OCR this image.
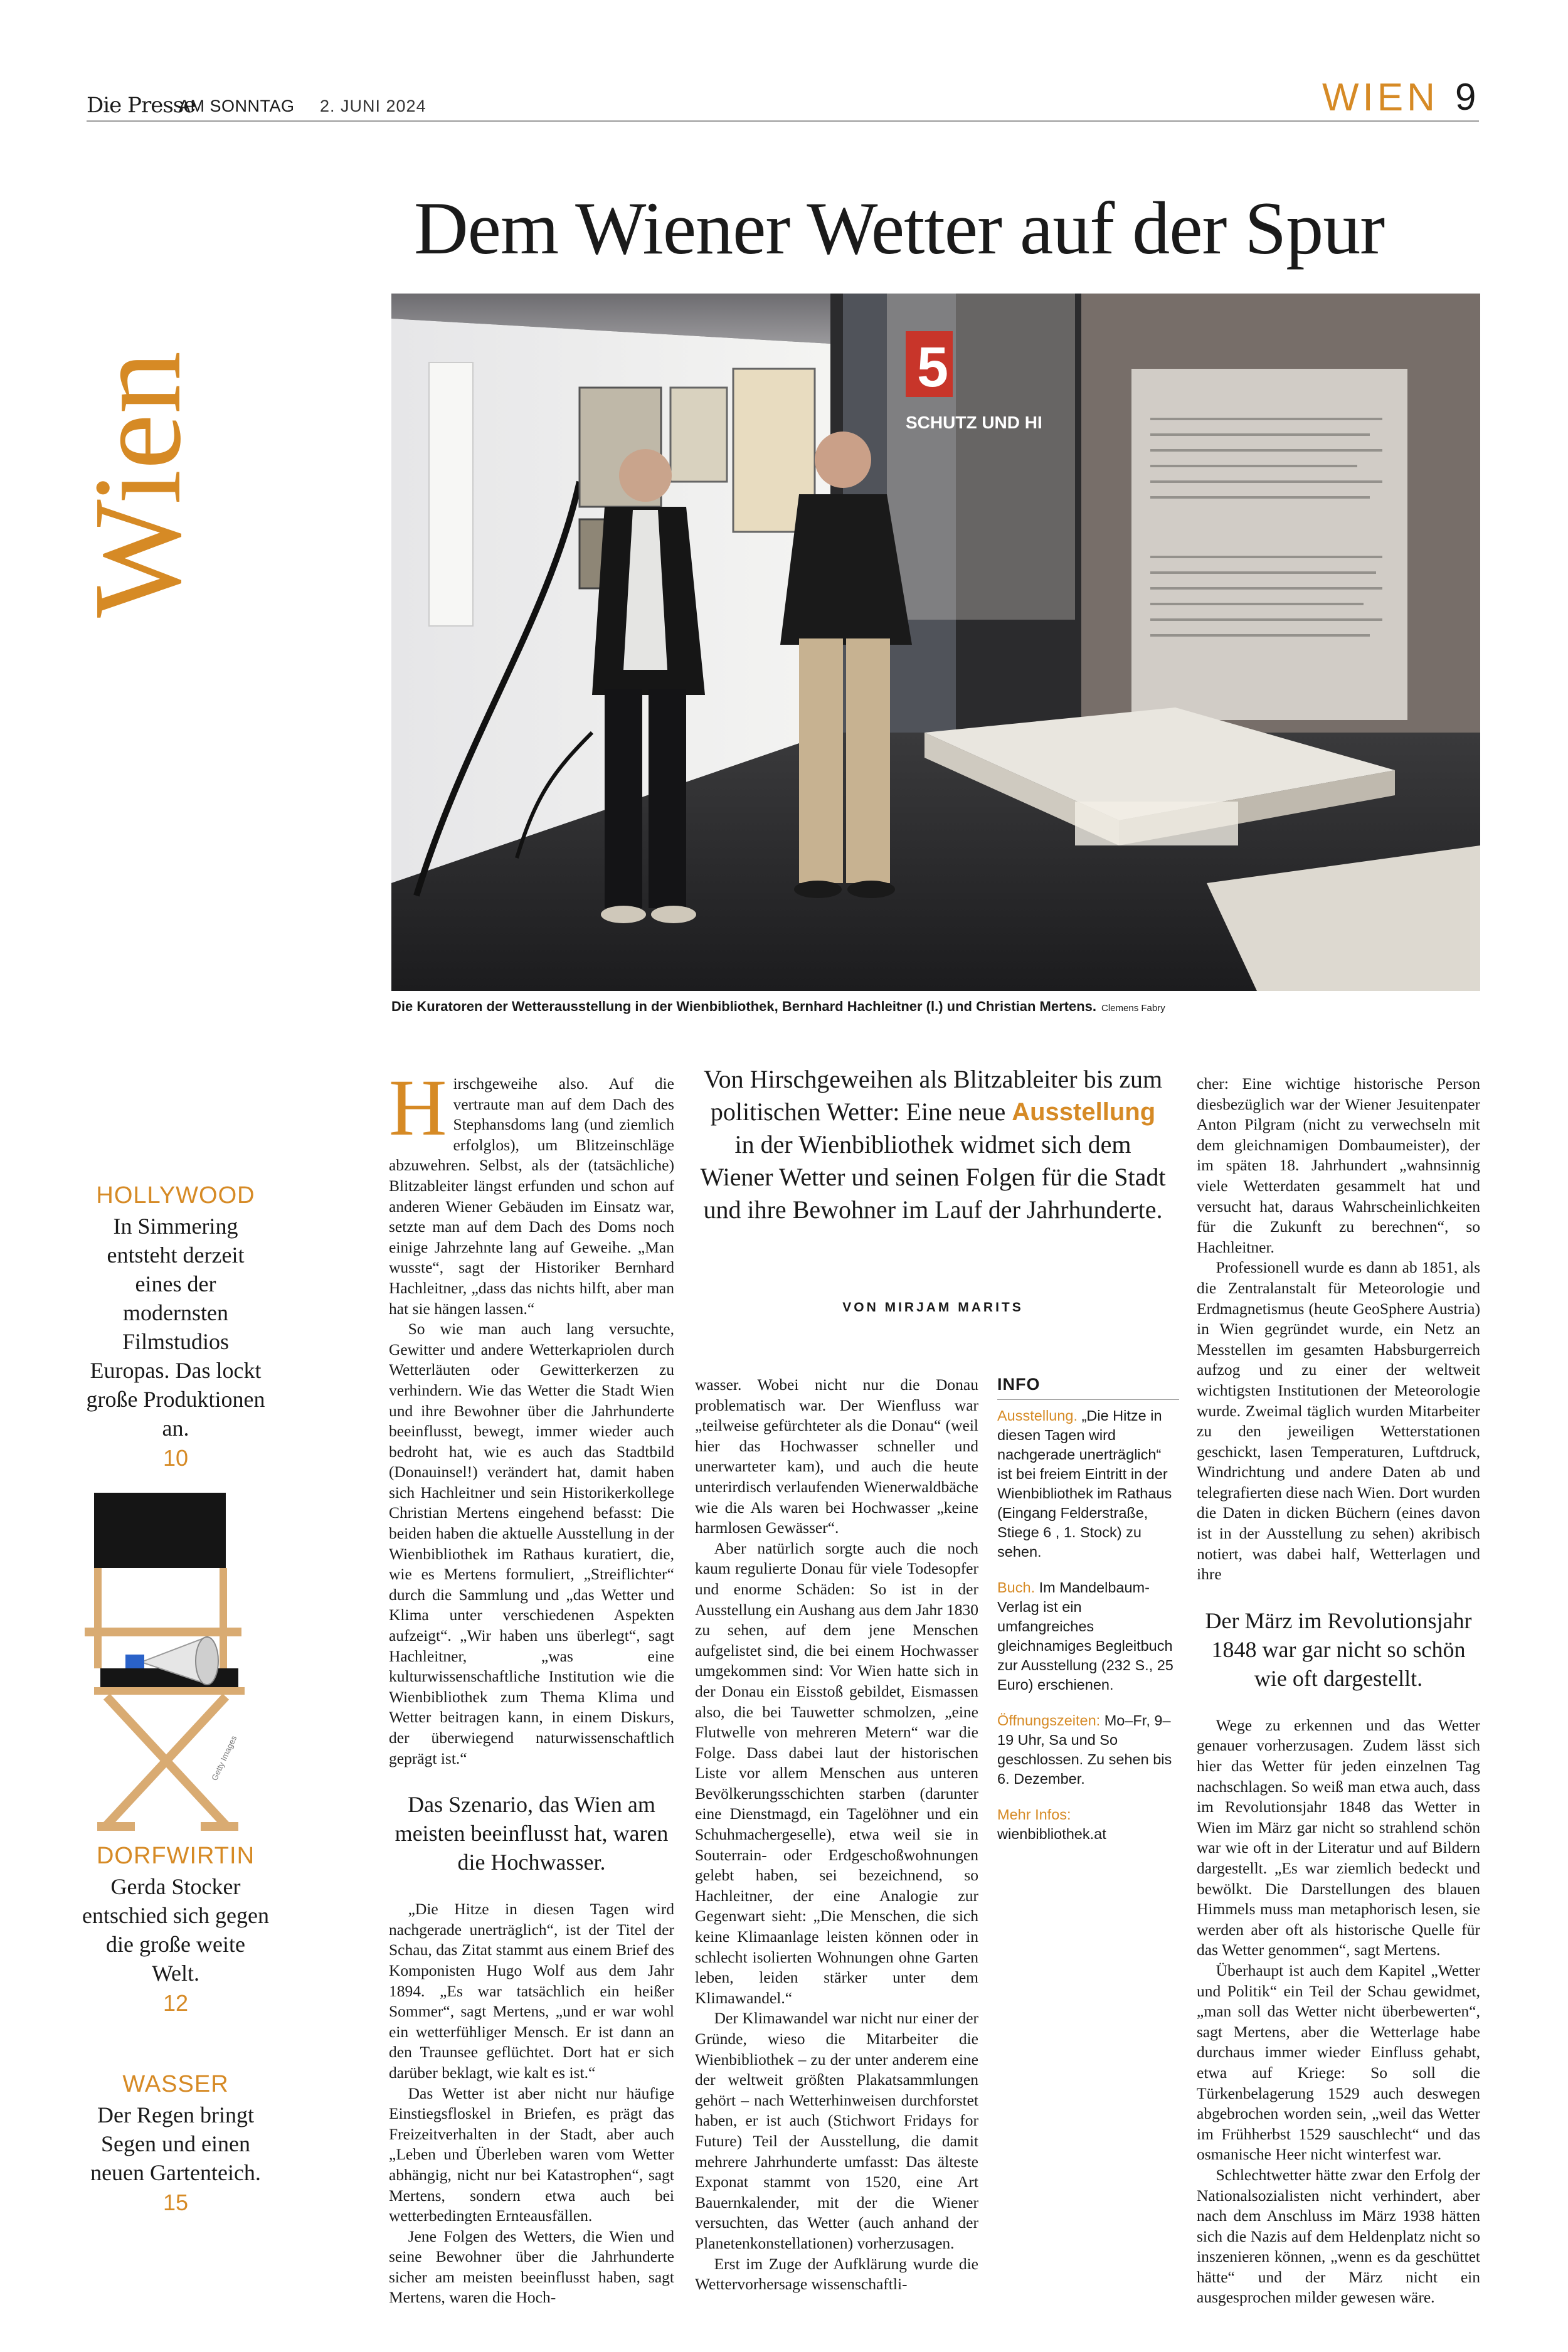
Die Presse
AM SONNTAG 2. JUNI 2024	WIEN 9
Wien
Dem Wiener Wetter auf der Spur
5
SCHUTZ UND HI
Die Kuratoren der Wetterausstellung in der Wienbibliothek, Bernhard Hachleitner (l.) und Christian Mertens. Clemens Fabry
HOLLYWOOD
In Simmering entsteht derzeit eines der modernsten Filmstudios Europas. Das lockt große Produktionen an.
10
Getty Images
DORFWIRTIN
Gerda Stocker entschied sich gegen die große weite Welt.
12
WASSER
Der Regen bringt Segen und einen neuen Gartenteich.
15
Von Hirschgeweihen als Blitzableiter bis zum politischen Wetter: Eine neue Ausstellung in der Wienbibliothek widmet sich dem Wiener Wetter und seinen Folgen für die Stadt und ihre Bewohner im Lauf der Jahrhunderte.
VON MIRJAM MARITS
H irschgeweihe also. Auf die vertraute man auf dem Dach des Stephansdoms lang (und ziemlich erfolglos), um Blitzeinschläge abzuwehren. Selbst, als der (tatsächliche) Blitzableiter längst erfunden und schon auf anderen Wiener Gebäuden im Einsatz war, setzte man auf dem Dach des Doms noch einige Jahrzehnte lang auf Geweihe. „Man wusste“, sagt der Historiker Bernhard Hachleitner, „dass das nichts hilft, aber man hat sie hängen lassen.“

So wie man auch lang versuchte, Gewitter und andere Wetterkapriolen durch Wetterläuten oder Gewitterkerzen zu verhindern. Wie das Wetter die Stadt Wien und ihre Bewohner über die Jahrhunderte beeinflusst, bewegt, immer wieder auch bedroht hat, wie es auch das Stadtbild (Donauinsel!) verändert hat, damit haben sich Hachleitner und sein Historikerkollege Christian Mertens eingehend befasst: Die beiden haben die aktuelle Ausstellung in der Wienbibliothek im Rathaus kuratiert, die, wie es Mertens formuliert, „Streiflichter“ durch die Sammlung und „das Wetter und Klima unter verschiedenen Aspekten aufzeigt“. „Wir haben uns überlegt“, sagt Hachleitner, „was eine kulturwissenschaftliche Institution wie die Wienbibliothek zum Thema Klima und Wetter beitragen kann, in einem Diskurs, der überwiegend naturwissenschaftlich geprägt ist.“

Das Szenario, das Wien am meisten beeinflusst hat, waren die Hochwasser.

„Die Hitze in diesen Tagen wird nachgerade unerträglich“, ist der Titel der Schau, das Zitat stammt aus einem Brief des Komponisten Hugo Wolf aus dem Jahr 1894. „Es war tatsächlich ein heißer Sommer“, sagt Mertens, „und er war wohl ein wetterfühliger Mensch. Er ist dann an den Traunsee geflüchtet. Dort hat er sich darüber beklagt, wie kalt es ist.“

Das Wetter ist aber nicht nur häufige Einstiegsfloskel in Briefen, es prägt das Freizeitverhalten in der Stadt, aber auch „Leben und Überleben waren vom Wetter abhängig, nicht nur bei Katastrophen“, sagt Mertens, sondern etwa auch bei wetterbedingten Ernteausfällen.

Jene Folgen des Wetters, die Wien und seine Bewohner über die Jahrhunderte sicher am meisten beeinflusst haben, sagt Mertens, waren die Hoch-

wasser. Wobei nicht nur die Donau problematisch war. Der Wienfluss war „teilweise gefürchteter als die Donau“ (weil hier das Hochwasser schneller und unerwarteter kam), und auch die heute unterirdisch verlaufenden Wienerwaldbäche wie die Als waren bei Hochwasser „keine harmlosen Gewässer“.

Aber natürlich sorgte auch die noch kaum regulierte Donau für viele Todesopfer und enorme Schäden: So ist in der Ausstellung ein Aushang aus dem Jahr 1830 zu sehen, auf dem jene Menschen aufgelistet sind, die bei einem Hochwasser umgekommen sind: Vor Wien hatte sich in der Donau ein Eisstoß gebildet, Eismassen also, die bei Tauwetter schmolzen, „eine Flutwelle von mehreren Metern“ war die Folge. Dass dabei laut der historischen Liste vor allem Menschen aus unteren Bevölkerungsschichten starben (darunter eine Dienstmagd, ein Tagelöhner und ein Schuhmachergeselle), etwa weil sie in Souterrain- oder Erdgeschoßwohnungen gelebt haben, sei bezeichnend, so Hachleitner, der eine Analogie zur Gegenwart sieht: „Die Menschen, die sich keine Klimaanlage leisten können oder in schlecht isolierten Wohnungen ohne Garten leben, leiden stärker unter dem Klimawandel.“

Der Klimawandel war nicht nur einer der Gründe, wieso die Mitarbeiter die Wienbibliothek – zu der unter anderem eine der weltweit größten Plakatsammlungen gehört – nach Wetterhinweisen durchforstet haben, er ist auch (Stichwort Fridays for Future) Teil der Ausstellung, die damit mehrere Jahrhunderte umfasst: Das älteste Exponat stammt von 1520, eine Art Bauernkalender, mit der die Wiener versuchten, das Wetter (auch anhand der Planetenkonstellationen) vorherzusagen.

Erst im Zuge der Aufklärung wurde die Wettervorhersage wissenschaftli-

INFO
Ausstellung. „Die Hitze in diesen Tagen wird nachgerade unerträglich“ ist bei freiem Eintritt in der Wienbibliothek im Rathaus (Eingang Felderstraße, Stiege 6 , 1. Stock) zu sehen.
Buch. Im Mandelbaum-Verlag ist ein umfangreiches gleichnamiges Begleitbuch zur Ausstellung (232 S., 25 Euro) erschienen.
Öffnungszeiten: Mo–Fr, 9–19 Uhr, Sa und So geschlossen. Zu sehen bis 6. Dezember.
Mehr Infos:
wienbibliothek.at

cher: Eine wichtige historische Person diesbezüglich war der Wiener Jesuitenpater Anton Pilgram (nicht zu verwechseln mit dem gleichnamigen Dombaumeister), der im späten 18. Jahrhundert „wahnsinnig viele Wetterdaten gesammelt hat und versucht hat, daraus Wahrscheinlichkeiten für die Zukunft zu berechnen“, so Hachleitner.

Professionell wurde es dann ab 1851, als die Zentralanstalt für Meteorologie und Erdmagnetismus (heute GeoSphere Austria) in Wien gegründet wurde, ein Netz an Messtellen im gesamten Habsburgerreich aufzog und zu einer der weltweit wichtigsten Institutionen der Meteorologie wurde. Zweimal täglich wurden Mitarbeiter zu den jeweiligen Wetterstationen geschickt, lasen Temperaturen, Luftdruck, Windrichtung und andere Daten ab und telegrafierten diese nach Wien. Dort wurden die Daten in dicken Büchern (eines davon ist in der Ausstellung zu sehen) akribisch notiert, was dabei half, Wetterlagen und ihre

Der März im Revolutionsjahr 1848 war gar nicht so schön wie oft dargestellt.

Wege zu erkennen und das Wetter genauer vorherzusagen. Zudem lässt sich hier das Wetter für jeden einzelnen Tag nachschlagen. So weiß man etwa auch, dass im Revolutionsjahr 1848 das Wetter in Wien im März gar nicht so strahlend schön war wie oft in der Literatur und auf Bildern dargestellt. „Es war ziemlich bedeckt und bewölkt. Die Darstellungen des blauen Himmels muss man metaphorisch lesen, sie werden aber oft als historische Quelle für das Wetter genommen“, sagt Mertens.

Überhaupt ist auch dem Kapitel „Wetter und Politik“ ein Teil der Schau gewidmet, „man soll das Wetter nicht überbewerten“, sagt Mertens, aber die Wetterlage habe durchaus immer wieder Einfluss gehabt, etwa auf Kriege: So soll die Türkenbelagerung 1529 auch deswegen abgebrochen worden sein, „weil das Wetter im Frühherbst 1529 sauschlecht“ und das osmanische Heer nicht winterfest war.

Schlechtwetter hätte zwar den Erfolg der Nationalsozialisten nicht verhindert, aber nach dem Anschluss im März 1938 hätten sich die Nazis auf dem Heldenplatz nicht so inszenieren können, „wenn es da geschüttet hätte“ und der März nicht ein ausgesprochen milder gewesen wäre.
